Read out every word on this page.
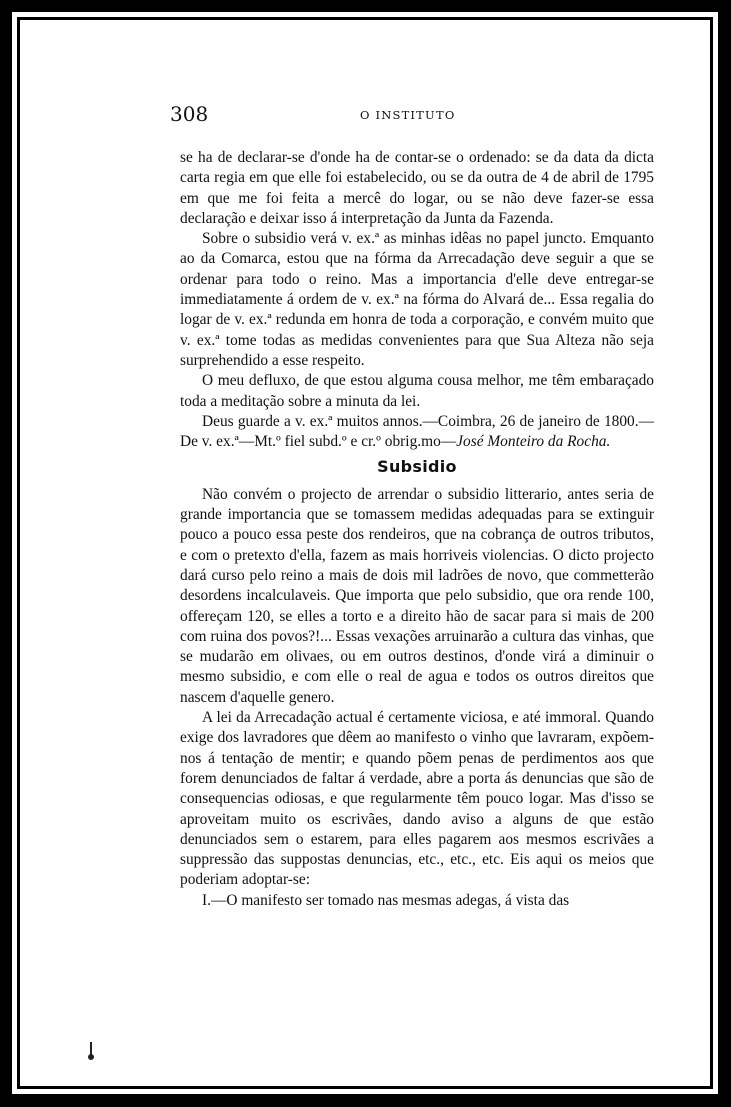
308	O INSTITUTO

se ha de declarar-se d'onde ha de contar-se o ordenado: se da data da dicta carta regia em que elle foi estabelecido, ou se da outra de 4 de abril de 1795 em que me foi feita a mercê do logar, ou se não deve fazer-se essa declaração e deixar isso á interpretação da Junta da Fazenda.

Sobre o subsidio verá v. ex.ª as minhas idêas no papel juncto. Emquanto ao da Comarca, estou que na fórma da Arrecadação deve seguir a que se ordenar para todo o reino. Mas a importancia d'elle deve entregar-se immediatamente á ordem de v. ex.ª na fórma do Alvará de... Essa regalia do logar de v. ex.ª redunda em honra de toda a corporação, e convém muito que v. ex.ª tome todas as medidas convenientes para que Sua Alteza não seja surprehendido a esse respeito.

O meu defluxo, de que estou alguma cousa melhor, me têm embaraçado toda a meditação sobre a minuta da lei.

Deus guarde a v. ex.ª muitos annos.—Coimbra, 26 de janeiro de 1800.—De v. ex.ª—Mt.º fiel subd.º e cr.º obrig.mo—José Monteiro da Rocha.

Subsidio

Não convém o projecto de arrendar o subsidio litterario, antes seria de grande importancia que se tomassem medidas adequadas para se extinguir pouco a pouco essa peste dos rendeiros, que na cobrança de outros tributos, e com o pretexto d'ella, fazem as mais horriveis violencias. O dicto projecto dará curso pelo reino a mais de dois mil ladrões de novo, que commetterão desordens incalculaveis. Que importa que pelo subsidio, que ora rende 100, offereçam 120, se elles a torto e a direito hão de sacar para si mais de 200 com ruina dos povos?!... Essas vexações arruinarão a cultura das vinhas, que se mudarão em olivaes, ou em outros destinos, d'onde virá a diminuir o mesmo subsidio, e com elle o real de agua e todos os outros direitos que nascem d'aquelle genero.

A lei da Arrecadação actual é certamente viciosa, e até immoral. Quando exige dos lavradores que dêem ao manifesto o vinho que lavraram, expõem-nos á tentação de mentir; e quando põem penas de perdimentos aos que forem denunciados de faltar á verdade, abre a porta ás denuncias que são de consequencias odiosas, e que regularmente têm pouco logar. Mas d'isso se aproveitam muito os escrivães, dando aviso a alguns de que estão denunciados sem o estarem, para elles pagarem aos mesmos escrivães a suppressão das suppostas denuncias, etc., etc., etc. Eis aqui os meios que poderiam adoptar-se:

I.—O manifesto ser tomado nas mesmas adegas, á vista das
